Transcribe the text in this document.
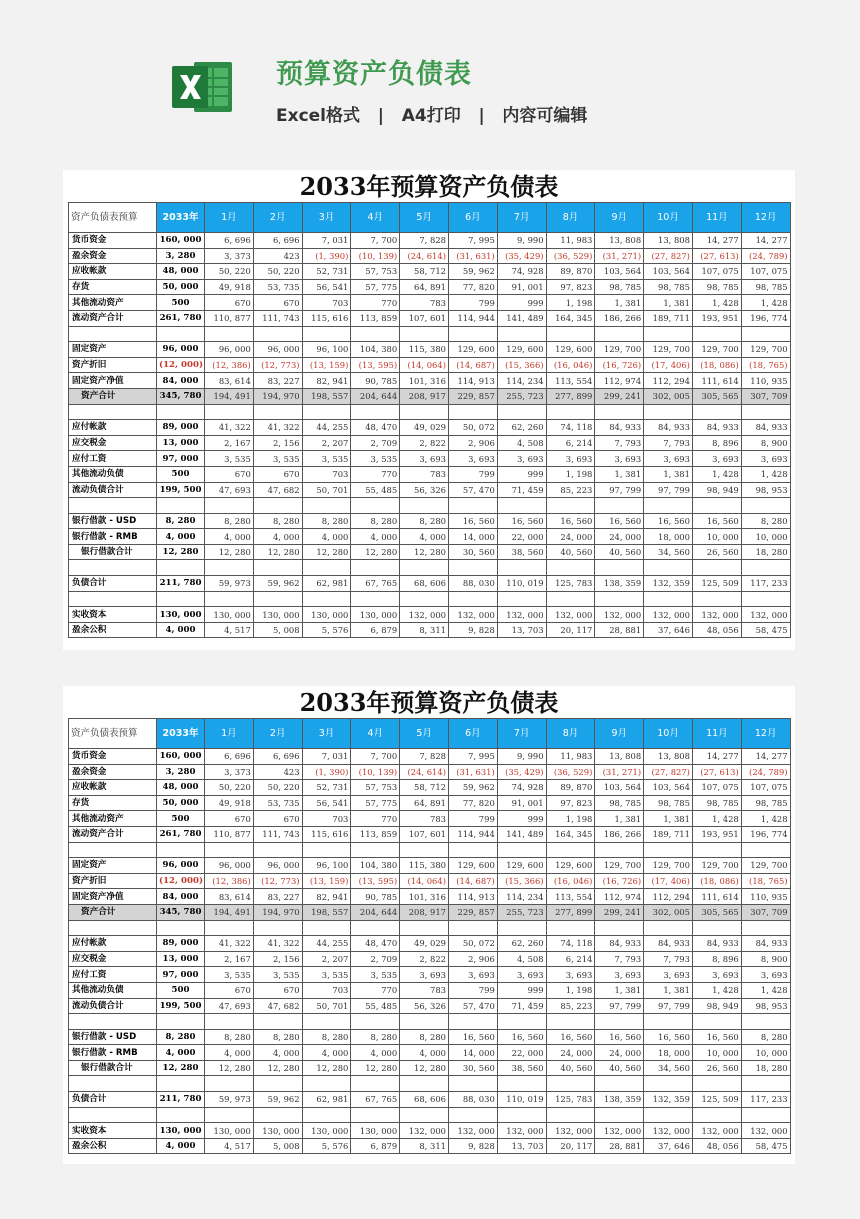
预算资产负债表
Excel格式   |   A4打印   |   内容可编辑
2033年预算资产负债表
资产负债表预算	2033年	1月	2月	3月	4月	5月	6月	7月	8月	9月	10月	11月	12月
货币资金	160, 000	6, 696	6, 696	7, 031	7, 700	7, 828	7, 995	9, 990	11, 983	13, 808	13, 808	14, 277	14, 277
盈余资金	3, 280	3, 373	423	(1, 390)	(10, 139)	(24, 614)	(31, 631)	(35, 429)	(36, 529)	(31, 271)	(27, 827)	(27, 613)	(24, 789)
应收帐款	48, 000	50, 220	50, 220	52, 731	57, 753	58, 712	59, 962	74, 928	89, 870	103, 564	103, 564	107, 075	107, 075
存货	50, 000	49, 918	53, 735	56, 541	57, 775	64, 891	77, 820	91, 001	97, 823	98, 785	98, 785	98, 785	98, 785
其他流动资产	500	670	670	703	770	783	799	999	1, 198	1, 381	1, 381	1, 428	1, 428
流动资产合计	261, 780	110, 877	111, 743	115, 616	113, 859	107, 601	114, 944	141, 489	164, 345	186, 266	189, 711	193, 951	196, 774

固定资产	96, 000	96, 000	96, 000	96, 100	104, 380	115, 380	129, 600	129, 600	129, 600	129, 700	129, 700	129, 700	129, 700
资产折旧	(12, 000)	(12, 386)	(12, 773)	(13, 159)	(13, 595)	(14, 064)	(14, 687)	(15, 366)	(16, 046)	(16, 726)	(17, 406)	(18, 086)	(18, 765)
固定资产净值	84, 000	83, 614	83, 227	82, 941	90, 785	101, 316	114, 913	114, 234	113, 554	112, 974	112, 294	111, 614	110, 935
资产合计	345, 780	194, 491	194, 970	198, 557	204, 644	208, 917	229, 857	255, 723	277, 899	299, 241	302, 005	305, 565	307, 709

应付帐款	89, 000	41, 322	41, 322	44, 255	48, 470	49, 029	50, 072	62, 260	74, 118	84, 933	84, 933	84, 933	84, 933
应交税金	13, 000	2, 167	2, 156	2, 207	2, 709	2, 822	2, 906	4, 508	6, 214	7, 793	7, 793	8, 896	8, 900
应付工资	97, 000	3, 535	3, 535	3, 535	3, 535	3, 693	3, 693	3, 693	3, 693	3, 693	3, 693	3, 693	3, 693
其他流动负债	500	670	670	703	770	783	799	999	1, 198	1, 381	1, 381	1, 428	1, 428
流动负债合计	199, 500	47, 693	47, 682	50, 701	55, 485	56, 326	57, 470	71, 459	85, 223	97, 799	97, 799	98, 949	98, 953

银行借款 - USD	8, 280	8, 280	8, 280	8, 280	8, 280	8, 280	16, 560	16, 560	16, 560	16, 560	16, 560	16, 560	8, 280
银行借款 - RMB	4, 000	4, 000	4, 000	4, 000	4, 000	4, 000	14, 000	22, 000	24, 000	24, 000	18, 000	10, 000	10, 000
银行借款合计	12, 280	12, 280	12, 280	12, 280	12, 280	12, 280	30, 560	38, 560	40, 560	40, 560	34, 560	26, 560	18, 280

负债合计	211, 780	59, 973	59, 962	62, 981	67, 765	68, 606	88, 030	110, 019	125, 783	138, 359	132, 359	125, 509	117, 233

实收资本	130, 000	130, 000	130, 000	130, 000	130, 000	132, 000	132, 000	132, 000	132, 000	132, 000	132, 000	132, 000	132, 000
盈余公积	4, 000	4, 517	5, 008	5, 576	6, 879	8, 311	9, 828	13, 703	20, 117	28, 881	37, 646	48, 056	58, 475
2033年预算资产负债表
资产负债表预算	2033年	1月	2月	3月	4月	5月	6月	7月	8月	9月	10月	11月	12月
货币资金	160, 000	6, 696	6, 696	7, 031	7, 700	7, 828	7, 995	9, 990	11, 983	13, 808	13, 808	14, 277	14, 277
盈余资金	3, 280	3, 373	423	(1, 390)	(10, 139)	(24, 614)	(31, 631)	(35, 429)	(36, 529)	(31, 271)	(27, 827)	(27, 613)	(24, 789)
应收帐款	48, 000	50, 220	50, 220	52, 731	57, 753	58, 712	59, 962	74, 928	89, 870	103, 564	103, 564	107, 075	107, 075
存货	50, 000	49, 918	53, 735	56, 541	57, 775	64, 891	77, 820	91, 001	97, 823	98, 785	98, 785	98, 785	98, 785
其他流动资产	500	670	670	703	770	783	799	999	1, 198	1, 381	1, 381	1, 428	1, 428
流动资产合计	261, 780	110, 877	111, 743	115, 616	113, 859	107, 601	114, 944	141, 489	164, 345	186, 266	189, 711	193, 951	196, 774

固定资产	96, 000	96, 000	96, 000	96, 100	104, 380	115, 380	129, 600	129, 600	129, 600	129, 700	129, 700	129, 700	129, 700
资产折旧	(12, 000)	(12, 386)	(12, 773)	(13, 159)	(13, 595)	(14, 064)	(14, 687)	(15, 366)	(16, 046)	(16, 726)	(17, 406)	(18, 086)	(18, 765)
固定资产净值	84, 000	83, 614	83, 227	82, 941	90, 785	101, 316	114, 913	114, 234	113, 554	112, 974	112, 294	111, 614	110, 935
资产合计	345, 780	194, 491	194, 970	198, 557	204, 644	208, 917	229, 857	255, 723	277, 899	299, 241	302, 005	305, 565	307, 709

应付帐款	89, 000	41, 322	41, 322	44, 255	48, 470	49, 029	50, 072	62, 260	74, 118	84, 933	84, 933	84, 933	84, 933
应交税金	13, 000	2, 167	2, 156	2, 207	2, 709	2, 822	2, 906	4, 508	6, 214	7, 793	7, 793	8, 896	8, 900
应付工资	97, 000	3, 535	3, 535	3, 535	3, 535	3, 693	3, 693	3, 693	3, 693	3, 693	3, 693	3, 693	3, 693
其他流动负债	500	670	670	703	770	783	799	999	1, 198	1, 381	1, 381	1, 428	1, 428
流动负债合计	199, 500	47, 693	47, 682	50, 701	55, 485	56, 326	57, 470	71, 459	85, 223	97, 799	97, 799	98, 949	98, 953

银行借款 - USD	8, 280	8, 280	8, 280	8, 280	8, 280	8, 280	16, 560	16, 560	16, 560	16, 560	16, 560	16, 560	8, 280
银行借款 - RMB	4, 000	4, 000	4, 000	4, 000	4, 000	4, 000	14, 000	22, 000	24, 000	24, 000	18, 000	10, 000	10, 000
银行借款合计	12, 280	12, 280	12, 280	12, 280	12, 280	12, 280	30, 560	38, 560	40, 560	40, 560	34, 560	26, 560	18, 280

负债合计	211, 780	59, 973	59, 962	62, 981	67, 765	68, 606	88, 030	110, 019	125, 783	138, 359	132, 359	125, 509	117, 233

实收资本	130, 000	130, 000	130, 000	130, 000	130, 000	132, 000	132, 000	132, 000	132, 000	132, 000	132, 000	132, 000	132, 000
盈余公积	4, 000	4, 517	5, 008	5, 576	6, 879	8, 311	9, 828	13, 703	20, 117	28, 881	37, 646	48, 056	58, 475
